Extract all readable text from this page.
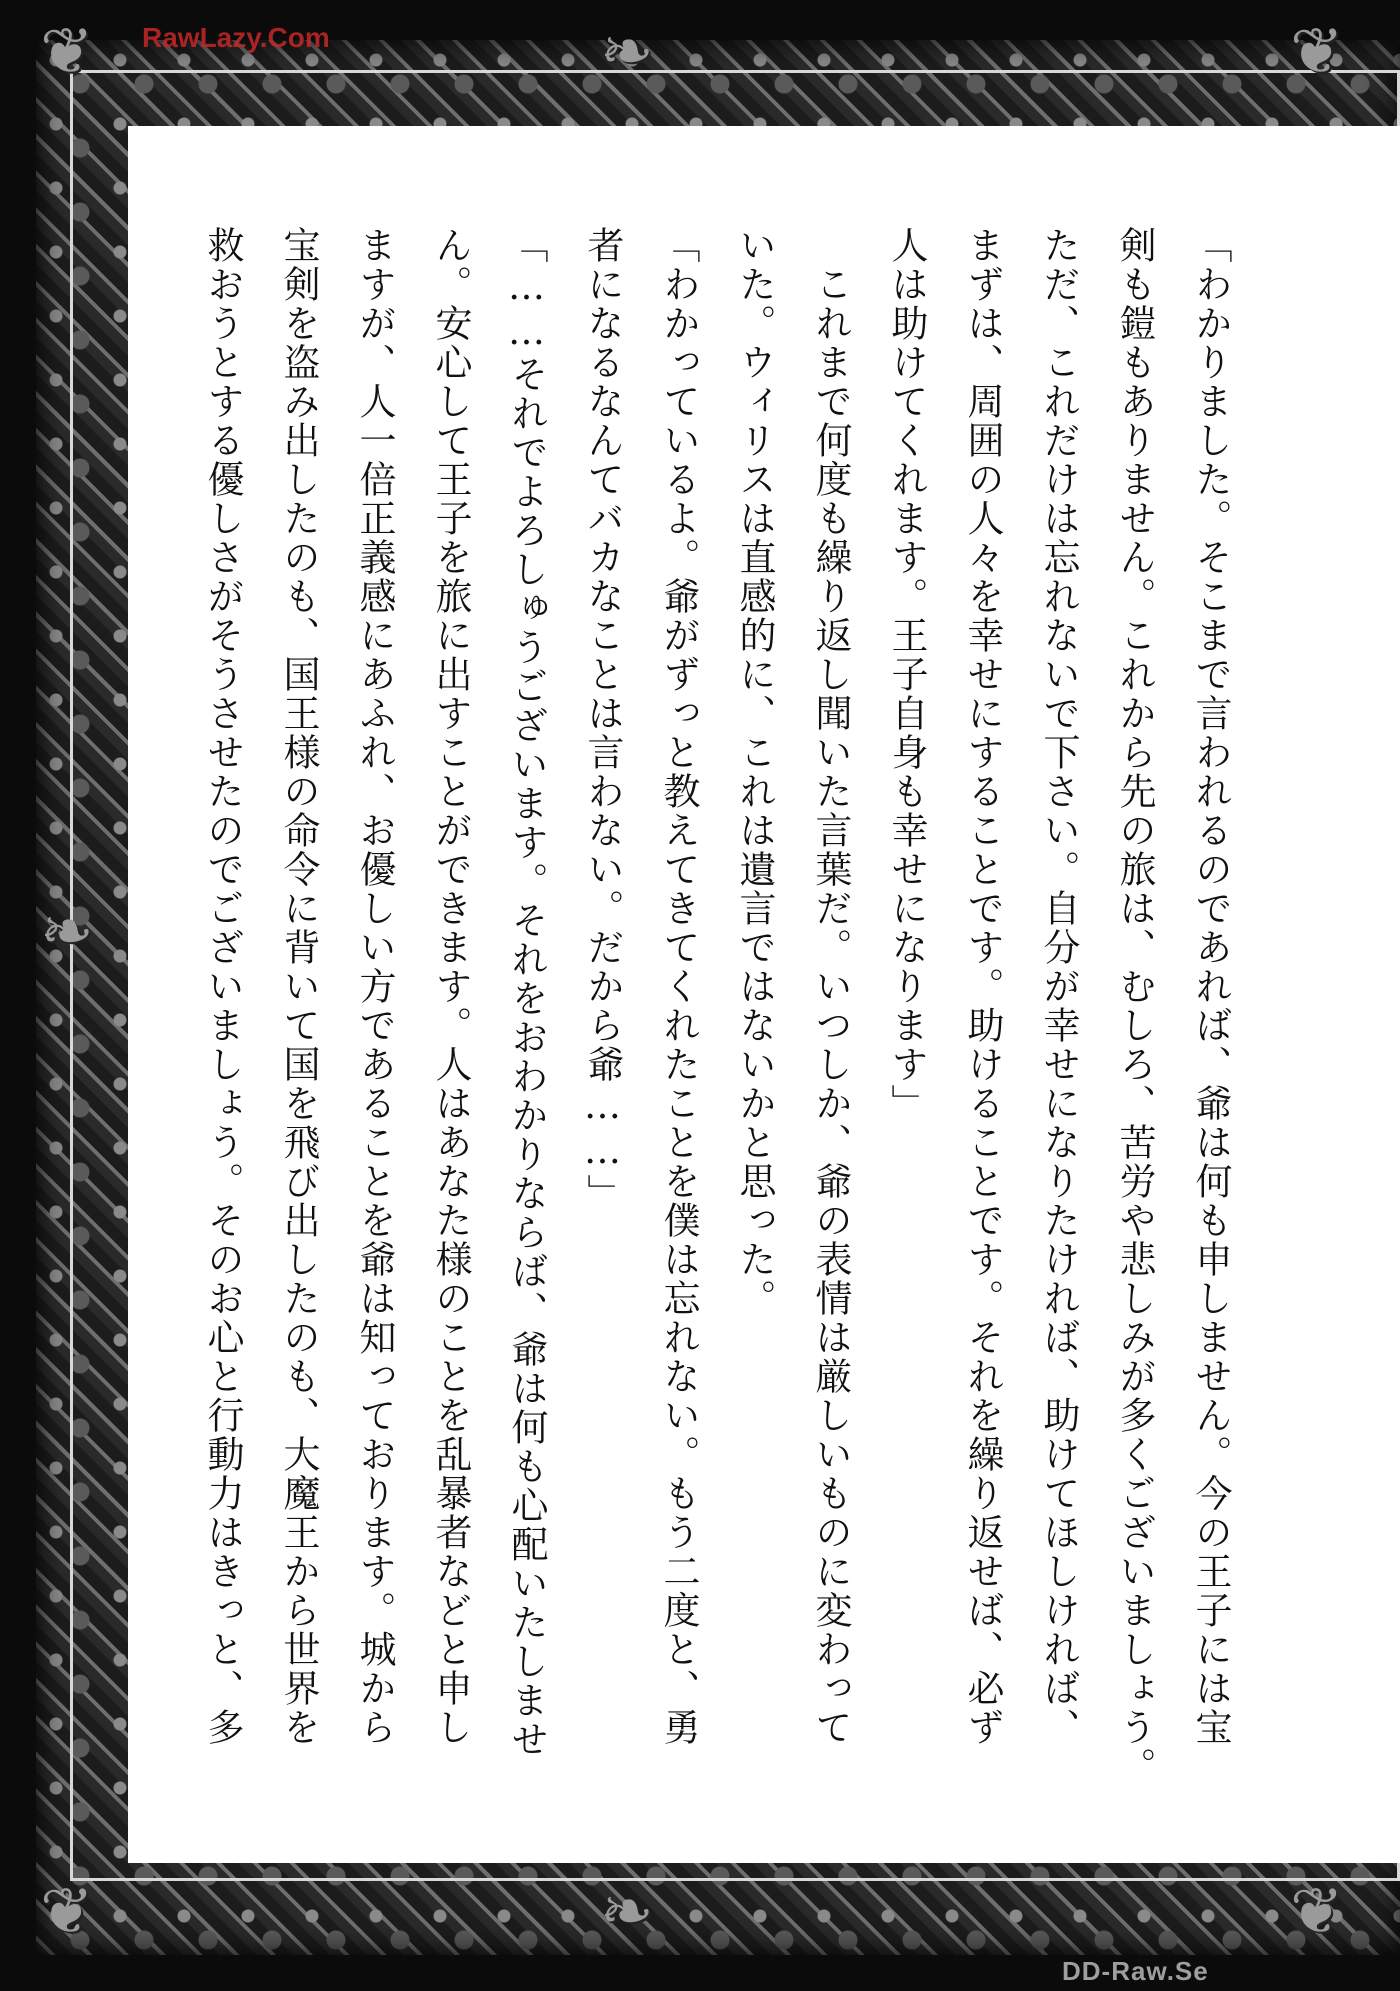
❦	❦
❦	❦
❧
❧
❧
RawLazy.Com
DD-Raw.Se
「わかりました。そこまで言われるのであれば、爺は何も申しません。今の王子には宝
剣も鎧もありません。これから先の旅は、むしろ、苦労や悲しみが多くございましょう。
ただ、これだけは忘れないで下さい。自分が幸せになりたければ、助けてほしければ、
まずは、周囲の人々を幸せにすることです。助けることです。それを繰り返せば、必ず
人は助けてくれます。王子自身も幸せになります」
　これまで何度も繰り返し聞いた言葉だ。いつしか、爺の表情は厳しいものに変わって
いた。ウィリスは直感的に、これは遺言ではないかと思った。
「わかっているよ。爺がずっと教えてきてくれたことを僕は忘れない。もう二度と、勇
者になるなんてバカなことは言わない。だから爺……」
「……それでよろしゅうございます。それをおわかりならば、爺は何も心配いたしませ
ん。安心して王子を旅に出すことができます。人はあなた様のことを乱暴者などと申し
ますが、人一倍正義感にあふれ、お優しい方であることを爺は知っております。城から
宝剣を盗み出したのも、国王様の命令に背いて国を飛び出したのも、大魔王から世界を
救おうとする優しさがそうさせたのでございましょう。そのお心と行動力はきっと、多
